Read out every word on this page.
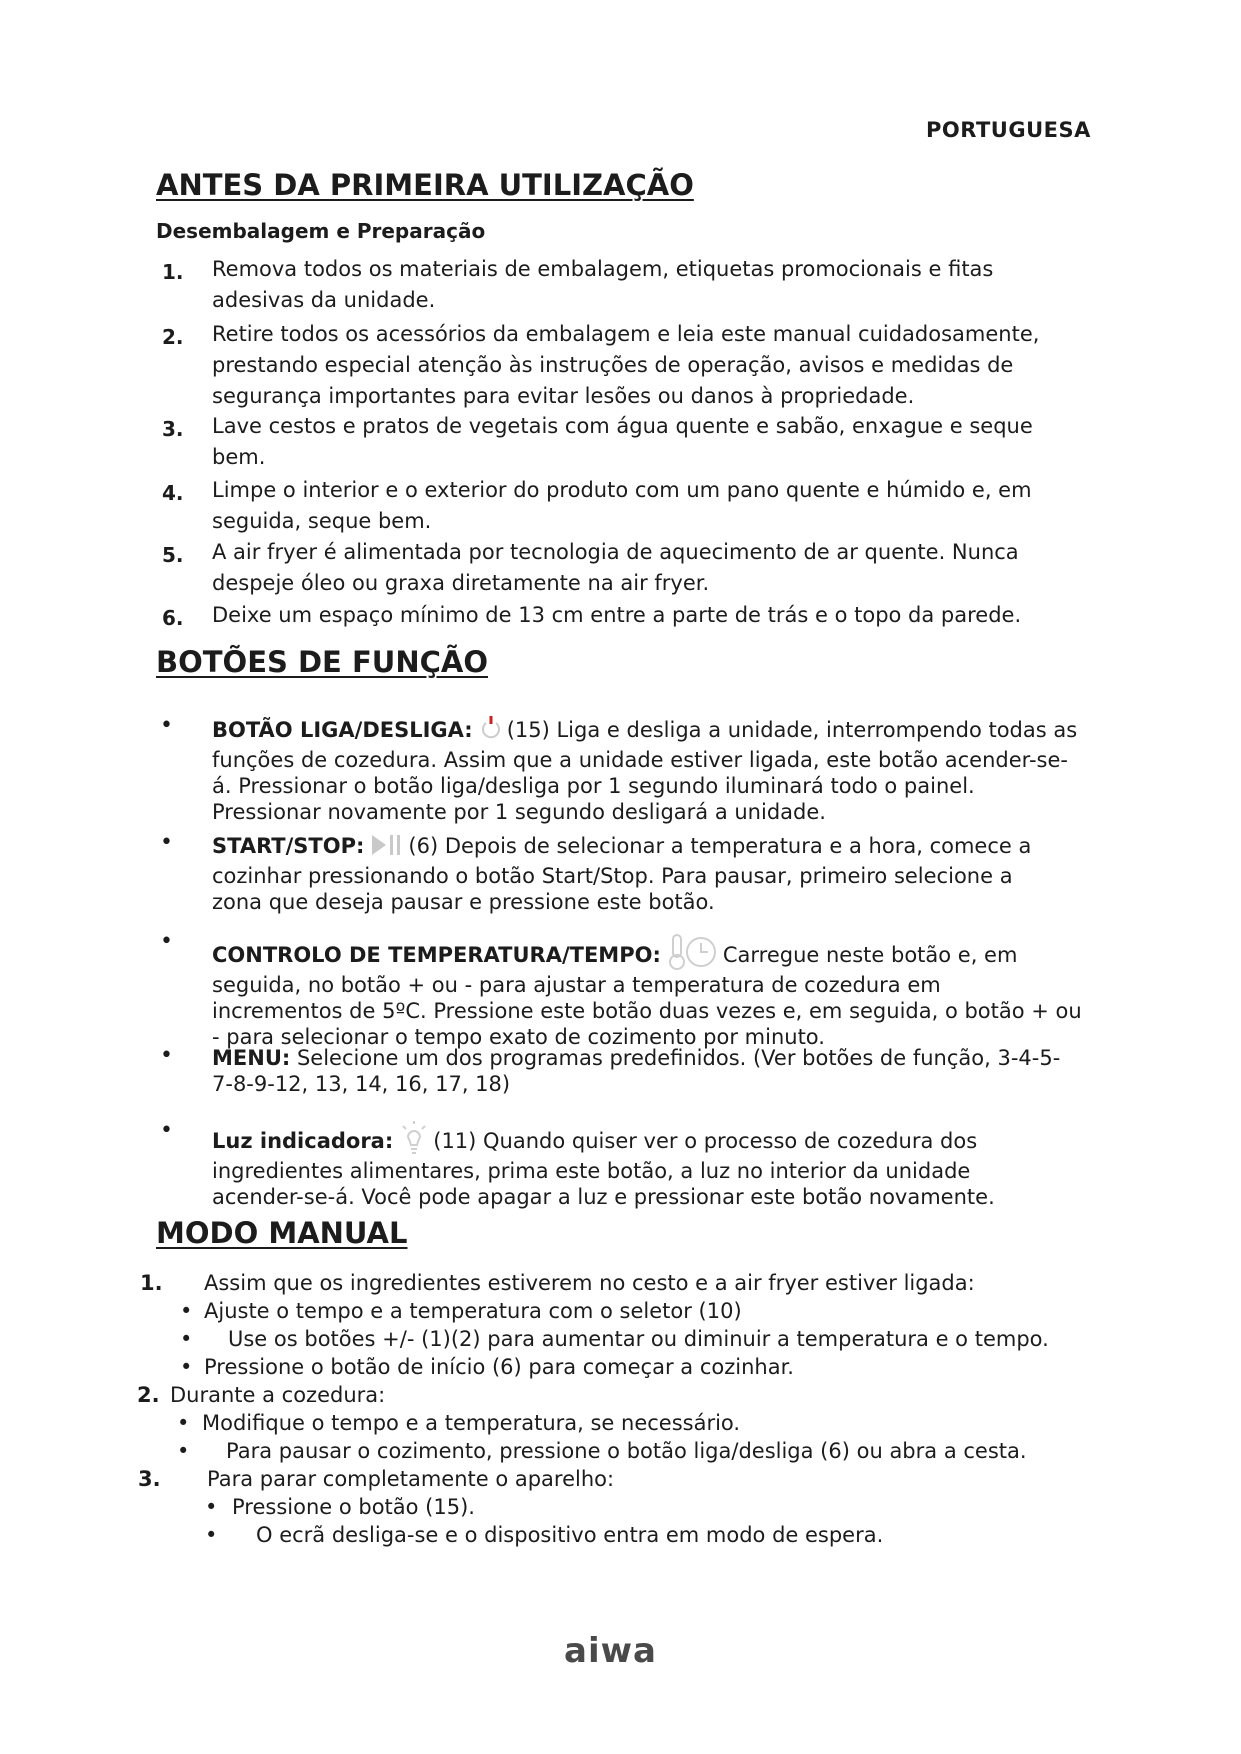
PORTUGUESA
ANTES DA PRIMEIRA UTILIZAÇÃO
Desembalagem e Preparação
1. Remova todos os materiais de embalagem, etiquetas promocionais e fitas
adesivas da unidade.
2. Retire todos os acessórios da embalagem e leia este manual cuidadosamente,
prestando especial atenção às instruções de operação, avisos e medidas de
segurança importantes para evitar lesões ou danos à propriedade.
3. Lave cestos e pratos de vegetais com água quente e sabão, enxague e seque
bem.
4. Limpe o interior e o exterior do produto com um pano quente e húmido e, em
seguida, seque bem.
5. A air fryer é alimentada por tecnologia de aquecimento de ar quente. Nunca
despeje óleo ou graxa diretamente na air fryer.
6. Deixe um espaço mínimo de 13 cm entre a parte de trás e o topo da parede.
BOTÕES DE FUNÇÃO
• BOTÃO LIGA/DESLIGA: (15) Liga e desliga a unidade, interrompendo todas as
funções de cozedura. Assim que a unidade estiver ligada, este botão acender-se-
á. Pressionar o botão liga/desliga por 1 segundo iluminará todo o painel.
Pressionar novamente por 1 segundo desligará a unidade.
• START/STOP: (6) Depois de selecionar a temperatura e a hora, comece a
cozinhar pressionando o botão Start/Stop. Para pausar, primeiro selecione a
zona que deseja pausar e pressione este botão.
•
CONTROLO DE TEMPERATURA/TEMPO:	Carregue neste botão e, em
seguida, no botão + ou - para ajustar a temperatura de cozedura em
incrementos de 5ºC. Pressione este botão duas vezes e, em seguida, o botão + ou
- para selecionar o tempo exato de cozimento por minuto.
• MENU: Selecione um dos programas predefinidos. (Ver botões de função, 3-4-5-
7-8-9-12, 13, 14, 16, 17, 18)
• Luz indicadora: (11) Quando quiser ver o processo de cozedura dos
ingredientes alimentares, prima este botão, a luz no interior da unidade
acender-se-á. Você pode apagar a luz e pressionar este botão novamente.
MODO MANUAL
1. Assim que os ingredientes estiverem no cesto e a air fryer estiver ligada:
• Ajuste o tempo e a temperatura com o seletor (10)
• Use os botões +/- (1)(2) para aumentar ou diminuir a temperatura e o tempo.
• Pressione o botão de início (6) para começar a cozinhar.
2. Durante a cozedura:
• Modifique o tempo e a temperatura, se necessário.
• Para pausar o cozimento, pressione o botão liga/desliga (6) ou abra a cesta.
3. Para parar completamente o aparelho:
• Pressione o botão (15).
• O ecrã desliga-se e o dispositivo entra em modo de espera.
aiwa
